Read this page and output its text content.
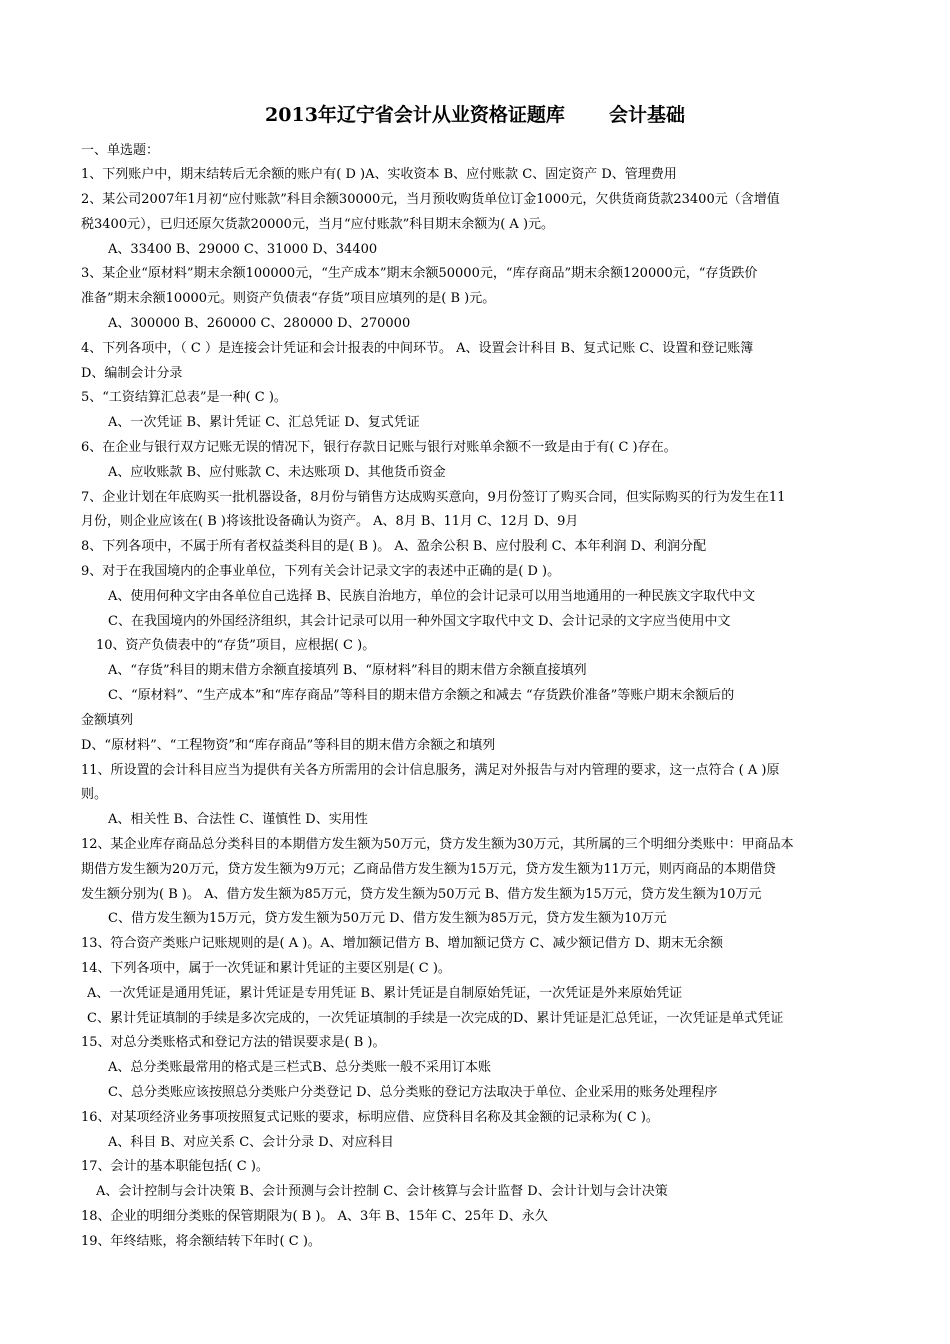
2013年辽宁省会计从业资格证题库 会计基础
一、单选题：
1、下列账户中，期末结转后无余额的账户有( D )A、实收资本 B、应付账款 C、固定资产 D、管理费用
2、某公司2007年1月初“应付账款”科目余额30000元，当月预收购货单位订金1000元，欠供货商货款23400元（含增值
税3400元），已归还原欠货款20000元，当月“应付账款”科目期末余额为( A )元。
A、33400 B、29000 C、31000 D、34400
3、某企业“原材料”期末余额100000元，“生产成本”期末余额50000元，“库存商品”期末余额120000元，“存货跌价
准备”期末余额10000元。则资产负债表“存货”项目应填列的是( B )元。
A、300000 B、260000 C、280000 D、270000
4、下列各项中，（ C ）是连接会计凭证和会计报表的中间环节。 A、设置会计科目 B、复式记账 C、设置和登记账簿
D、编制会计分录
5、“工资结算汇总表”是一种( C )。
A、一次凭证 B、累计凭证 C、汇总凭证 D、复式凭证
6、在企业与银行双方记账无误的情况下，银行存款日记账与银行对账单余额不一致是由于有( C )存在。
A、应收账款 B、应付账款 C、未达账项 D、其他货币资金
7、企业计划在年底购买一批机器设备，8月份与销售方达成购买意向，9月份签订了购买合同，但实际购买的行为发生在11
月份，则企业应该在( B )将该批设备确认为资产。 A、8月 B、11月 C、12月 D、9月
8、下列各项中，不属于所有者权益类科目的是( B )。 A、盈余公积 B、应付股利 C、本年利润 D、利润分配
9、对于在我国境内的企事业单位，下列有关会计记录文字的表述中正确的是( D )。
A、使用何种文字由各单位自己选择 B、民族自治地方，单位的会计记录可以用当地通用的一种民族文字取代中文
C、在我国境内的外国经济组织，其会计记录可以用一种外国文字取代中文 D、会计记录的文字应当使用中文
10、资产负债表中的“存货”项目，应根据( C )。
A、“存货”科目的期末借方余额直接填列 B、“原材料”科目的期末借方余额直接填列
C、“原材料”、“生产成本”和“库存商品”等科目的期末借方余额之和减去 “存货跌价准备”等账户期末余额后的
金额填列
D、“原材料”、“工程物资”和“库存商品”等科目的期末借方余额之和填列
11、所设置的会计科目应当为提供有关各方所需用的会计信息服务，满足对外报告与对内管理的要求，这一点符合 ( A )原
则。
A、相关性 B、合法性 C、谨慎性 D、实用性
12、某企业库存商品总分类科目的本期借方发生额为50万元，贷方发生额为30万元，其所属的三个明细分类账中：甲商品本
期借方发生额为20万元，贷方发生额为9万元；乙商品借方发生额为15万元，贷方发生额为11万元，则丙商品的本期借贷
发生额分别为( B )。 A、借方发生额为85万元，贷方发生额为50万元 B、借方发生额为15万元，贷方发生额为10万元
C、借方发生额为15万元，贷方发生额为50万元 D、借方发生额为85万元，贷方发生额为10万元
13、符合资产类账户记账规则的是( A )。A、增加额记借方 B、增加额记贷方 C、减少额记借方 D、期末无余额
14、下列各项中，属于一次凭证和累计凭证的主要区别是( C )。
A、一次凭证是通用凭证，累计凭证是专用凭证 B、累计凭证是自制原始凭证，一次凭证是外来原始凭证
C、累计凭证填制的手续是多次完成的，一次凭证填制的手续是一次完成的D、累计凭证是汇总凭证，一次凭证是单式凭证
15、对总分类账格式和登记方法的错误要求是( B )。
A、总分类账最常用的格式是三栏式B、总分类账一般不采用订本账
C、总分类账应该按照总分类账户分类登记 D、总分类账的登记方法取决于单位、企业采用的账务处理程序
16、对某项经济业务事项按照复式记账的要求，标明应借、应贷科目名称及其金额的记录称为( C )。
A、科目 B、对应关系 C、会计分录 D、对应科目
17、会计的基本职能包括( C )。
A、会计控制与会计决策 B、会计预测与会计控制 C、会计核算与会计监督 D、会计计划与会计决策
18、企业的明细分类账的保管期限为( B )。 A、3年 B、15年 C、25年 D、永久
19、年终结账，将余额结转下年时( C )。
